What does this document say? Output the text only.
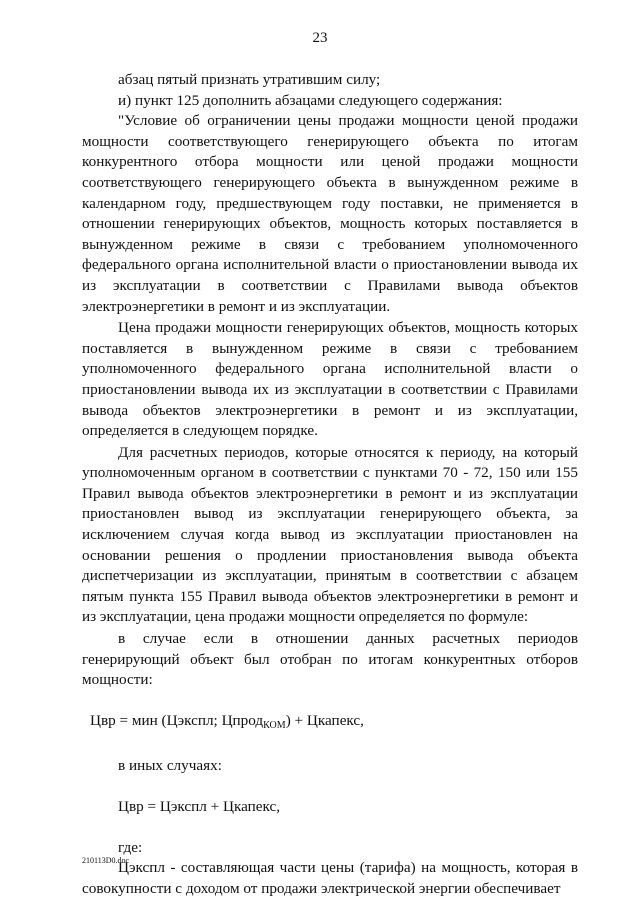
23

абзац пятый признать утратившим силу;

и) пункт 125 дополнить абзацами следующего содержания:

"Условие об ограничении цены продажи мощности ценой продажи мощности соответствующего генерирующего объекта по итогам конкурентного отбора мощности или ценой продажи мощности соответствующего генерирующего объекта в вынужденном режиме в календарном году, предшествующем году поставки, не применяется в отношении генерирующих объектов, мощность которых поставляется в вынужденном режиме в связи с требованием уполномоченного федерального органа исполнительной власти о приостановлении вывода их из эксплуатации в соответствии с Правилами вывода объектов электроэнергетики в ремонт и из эксплуатации.

Цена продажи мощности генерирующих объектов, мощность которых поставляется в вынужденном режиме в связи с требованием уполномоченного федерального органа исполнительной власти о приостановлении вывода их из эксплуатации в соответствии с Правилами вывода объектов электроэнергетики в ремонт и из эксплуатации, определяется в следующем порядке.

Для расчетных периодов, которые относятся к периоду, на который уполномоченным органом в соответствии с пунктами 70 - 72, 150 или 155 Правил вывода объектов электроэнергетики в ремонт и из эксплуатации приостановлен вывод из эксплуатации генерирующего объекта, за исключением случая когда вывод из эксплуатации приостановлен на основании решения о продлении приостановления вывода объекта диспетчеризации из эксплуатации, принятым в соответствии с абзацем пятым пункта 155 Правил вывода объектов электроэнергетики в ремонт и из эксплуатации, цена продажи мощности определяется по формуле:

в случае если в отношении данных расчетных периодов генерирующий объект был отобран по итогам конкурентных отборов мощности:

Цвр = мин (Цэкспл; Цпрод$_{КОМ}$) + Цкапекс,

в иных случаях:

Цвр = Цэкспл + Цкапекс,

где:

Цэкспл - составляющая части цены (тарифа) на мощность, которая в совокупности с доходом от продажи электрической энергии обеспечивает

210113D0.doc
